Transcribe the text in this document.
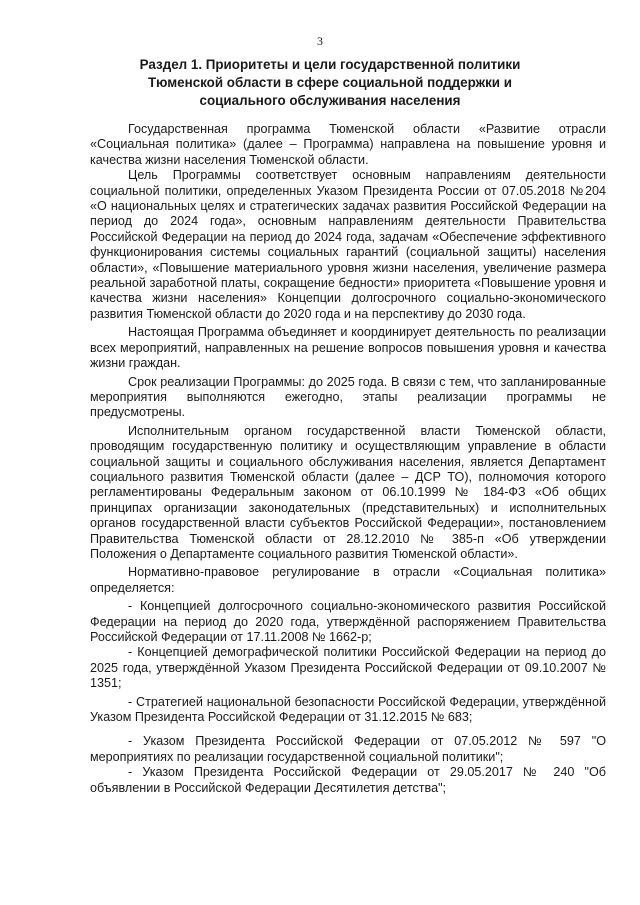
3
Раздел 1. Приоритеты и цели государственной политики
Тюменской области в сфере социальной поддержки и
социального обслуживания населения

Государственная программа Тюменской области «Развитие отрасли «Социальная политика» (далее – Программа) направлена на повышение уровня и качества жизни населения Тюменской области.

Цель Программы соответствует основным направлениям деятельности социальной политики, определенных Указом Президента России от 07.05.2018 №204 «О национальных целях и стратегических задачах развития Российской Федерации на период до 2024 года», основным направлениям деятельности Правительства Российской Федерации на период до 2024 года, задачам «Обеспечение эффективного функционирования системы социальных гарантий (социальной защиты) населения области», «Повышение материального уровня жизни населения, увеличение размера реальной заработной платы, сокращение бедности» приоритета «Повышение уровня и качества жизни населения» Концепции долгосрочного социально-экономического развития Тюменской области до 2020 года и на перспективу до 2030 года.

Настоящая Программа объединяет и координирует деятельность по реализации всех мероприятий, направленных на решение вопросов повышения уровня и качества жизни граждан.

Срок реализации Программы: до 2025 года. В связи с тем, что запланированные мероприятия выполняются ежегодно, этапы реализации программы не предусмотрены.

Исполнительным органом государственной власти Тюменской области, проводящим государственную политику и осуществляющим управление в области социальной защиты и социального обслуживания населения, является Департамент социального развития Тюменской области (далее – ДСР ТО), полномочия которого регламентированы Федеральным законом от 06.10.1999 № 184-ФЗ «Об общих принципах организации законодательных (представительных) и исполнительных органов государственной власти субъектов Российской Федерации», постановлением Правительства Тюменской области от 28.12.2010 № 385-п «Об утверждении Положения о Департаменте социального развития Тюменской области».

Нормативно-правовое регулирование в отрасли «Социальная политика» определяется:

- Концепцией долгосрочного социально-экономического развития Российской Федерации на период до 2020 года, утверждённой распоряжением Правительства Российской Федерации от 17.11.2008 № 1662-р;

- Концепцией демографической политики Российской Федерации на период до 2025 года, утверждённой Указом Президента Российской Федерации от 09.10.2007 № 1351;

- Стратегией национальной безопасности Российской Федерации, утверждённой Указом Президента Российской Федерации от 31.12.2015 № 683;

- Указом Президента Российской Федерации от 07.05.2012 № 597 "О мероприятиях по реализации государственной социальной политики";

- Указом Президента Российской Федерации от 29.05.2017 № 240 "Об объявлении в Российской Федерации Десятилетия детства";
